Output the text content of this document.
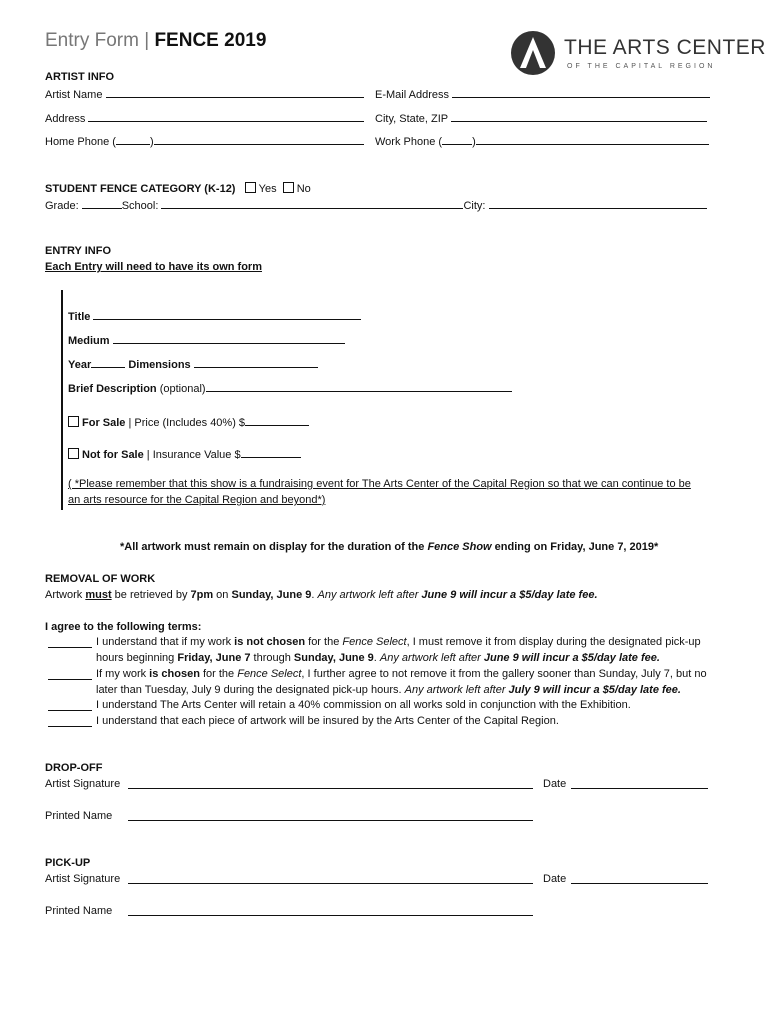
Entry Form | FENCE 2019	THE ARTS CENTER
OF THE CAPITAL REGION
ARTIST INFO
Artist Name	E-Mail Address
Address	City, State, ZIP
Home Phone (	)	Work Phone (	)
STUDENT FENCE CATEGORY (K-12) Yes No
Grade:	School:	City:
ENTRY INFO
Each Entry will need to have its own form
Title
Medium
Year	Dimensions
Brief Description (optional)
For Sale | Price (Includes 40%) $
Not for Sale | Insurance Value $
( *Please remember that this show is a fundraising event for The Arts Center of the Capital Region so that we can continue to be
an arts resource for the Capital Region and beyond*)
*All artwork must remain on display for the duration of the Fence Show ending on Friday, June 7, 2019*
REMOVAL OF WORK
Artwork must be retrieved by 7pm on Sunday, June 9. Any artwork left after June 9 will incur a $5/day late fee.
I agree to the following terms:
I understand that if my work is not chosen for the Fence Select, I must remove it from display during the designated pick-up
hours beginning Friday, June 7 through Sunday, June 9. Any artwork left after June 9 will incur a $5/day late fee.
If my work is chosen for the Fence Select, I further agree to not remove it from the gallery sooner than Sunday, July 7, but no
later than Tuesday, July 9 during the designated pick-up hours. Any artwork left after July 9 will incur a $5/day late fee.
I understand The Arts Center will retain a 40% commission on all works sold in conjunction with the Exhibition.
I understand that each piece of artwork will be insured by the Arts Center of the Capital Region.
DROP-OFF
Artist Signature	Date
Printed Name
PICK-UP
Artist Signature	Date
Printed Name
